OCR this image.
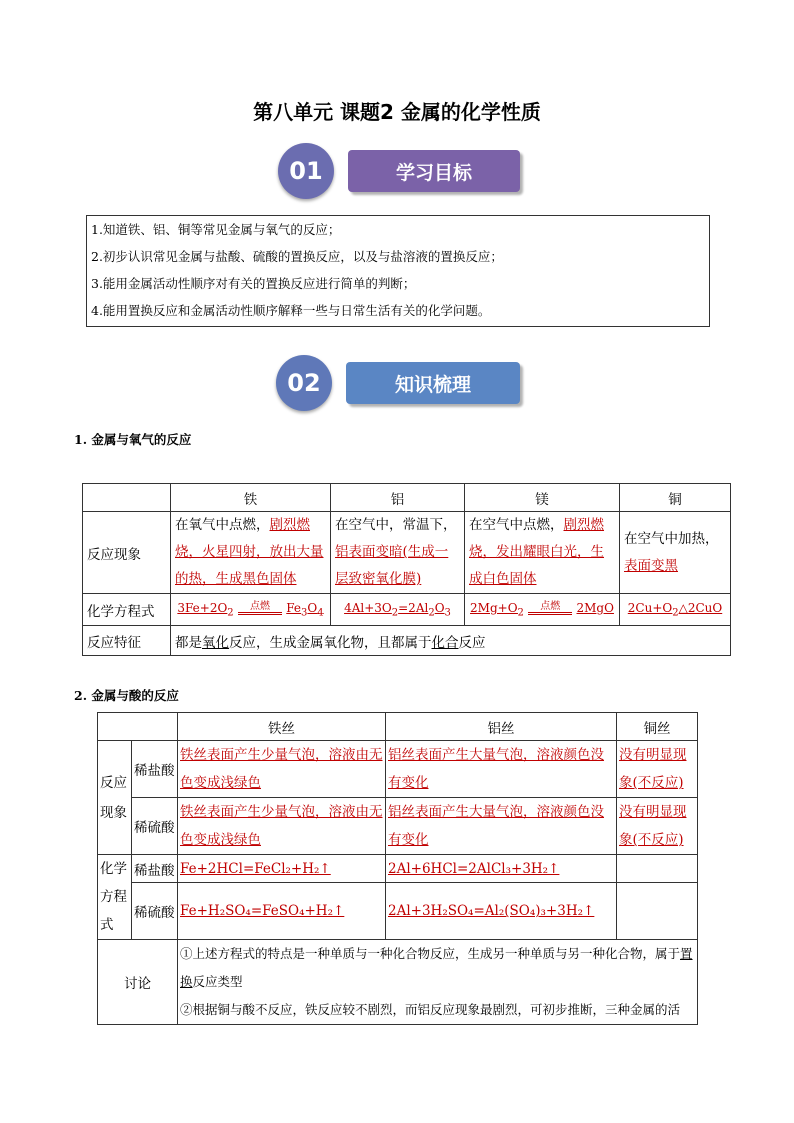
第八单元 课题2 金属的化学性质
学习目标
01
1.知道铁、铝、铜等常见金属与氧气的反应；
2.初步认识常见金属与盐酸、硫酸的置换反应，以及与盐溶液的置换反应；
3.能用金属活动性顺序对有关的置换反应进行简单的判断；
4.能用置换反应和金属活动性顺序解释一些与日常生活有关的化学问题。
知识梳理
02
1. 金属与氧气的反应
	铁	铝	镁	铜
反应现象	在氧气中点燃，剧烈燃烧，火星四射，放出大量的热，生成黑色固体	在空气中，常温下，铝表面变暗(生成一层致密氧化膜)	在空气中点燃，剧烈燃烧，发出耀眼白光，生成白色固体	在空气中加热，表面变黑
化学方程式	$3Fe+2O_2$ 点燃 $Fe_3O_4$	$4Al+3O_2=2Al_2O_3$	$2Mg+O_2$ 点燃 2MgO	$2Cu+O_2\triangle 2CuO$
反应特征	都是氧化反应，生成金属氧化物，且都属于化合反应			
2. 金属与酸的反应
		铁丝	铝丝	铜丝
反应现象	稀盐酸	铁丝表面产生少量气泡，溶液由无色变成浅绿色	铝丝表面产生大量气泡，溶液颜色没有变化	没有明显现象(不反应)
	稀硫酸	铁丝表面产生少量气泡，溶液由无色变成浅绿色	铝丝表面产生大量气泡，溶液颜色没有变化	没有明显现象(不反应)
化学方程式	稀盐酸	Fe+2HCl=FeCl₂+H₂↑	2Al+6HCl=2AlCl₃+3H₂↑	
	稀硫酸	Fe+H₂SO₄=FeSO₄+H₂↑	2Al+3H₂SO₄=Al₂(SO₄)₃+3H₂↑	
讨论		①上述方程式的特点是一种单质与一种化合物反应，生成另一种单质与另一种化合物，属于置换反应类型
②根据铜与酸不反应，铁反应较不剧烈，而铝反应现象最剧烈，可初步推断，三种金属的活		
